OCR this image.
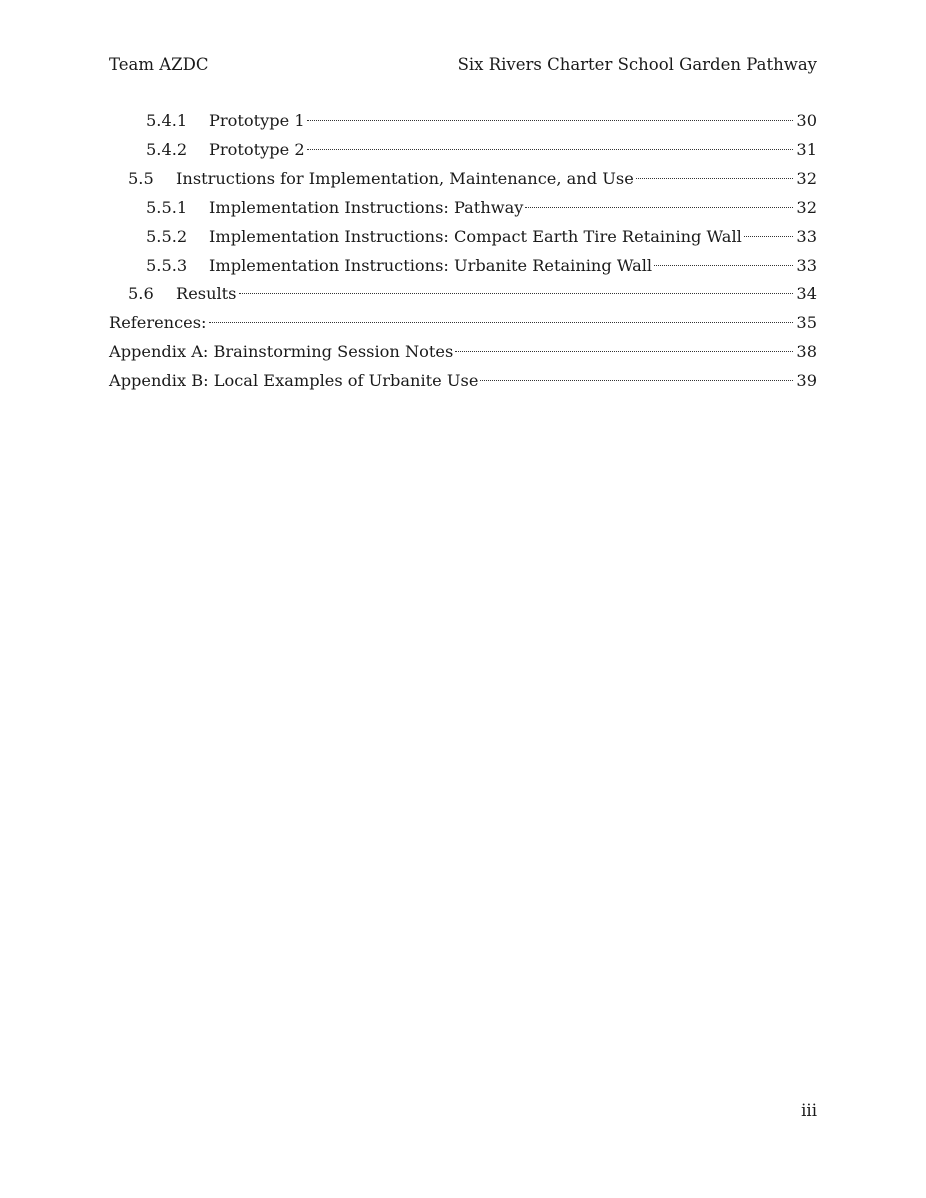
Team AZDC	Six Rivers Charter School Garden Pathway
5.4.1	Prototype 1	30
5.4.2	Prototype 2	31
5.5	Instructions for Implementation, Maintenance, and Use	32
5.5.1	Implementation Instructions: Pathway	32
5.5.2	Implementation Instructions: Compact Earth Tire Retaining Wall	33
5.5.3	Implementation Instructions: Urbanite Retaining Wall	33
5.6	Results	34
References:	35
Appendix A: Brainstorming Session Notes	38
Appendix B: Local Examples of Urbanite Use	39
iii
